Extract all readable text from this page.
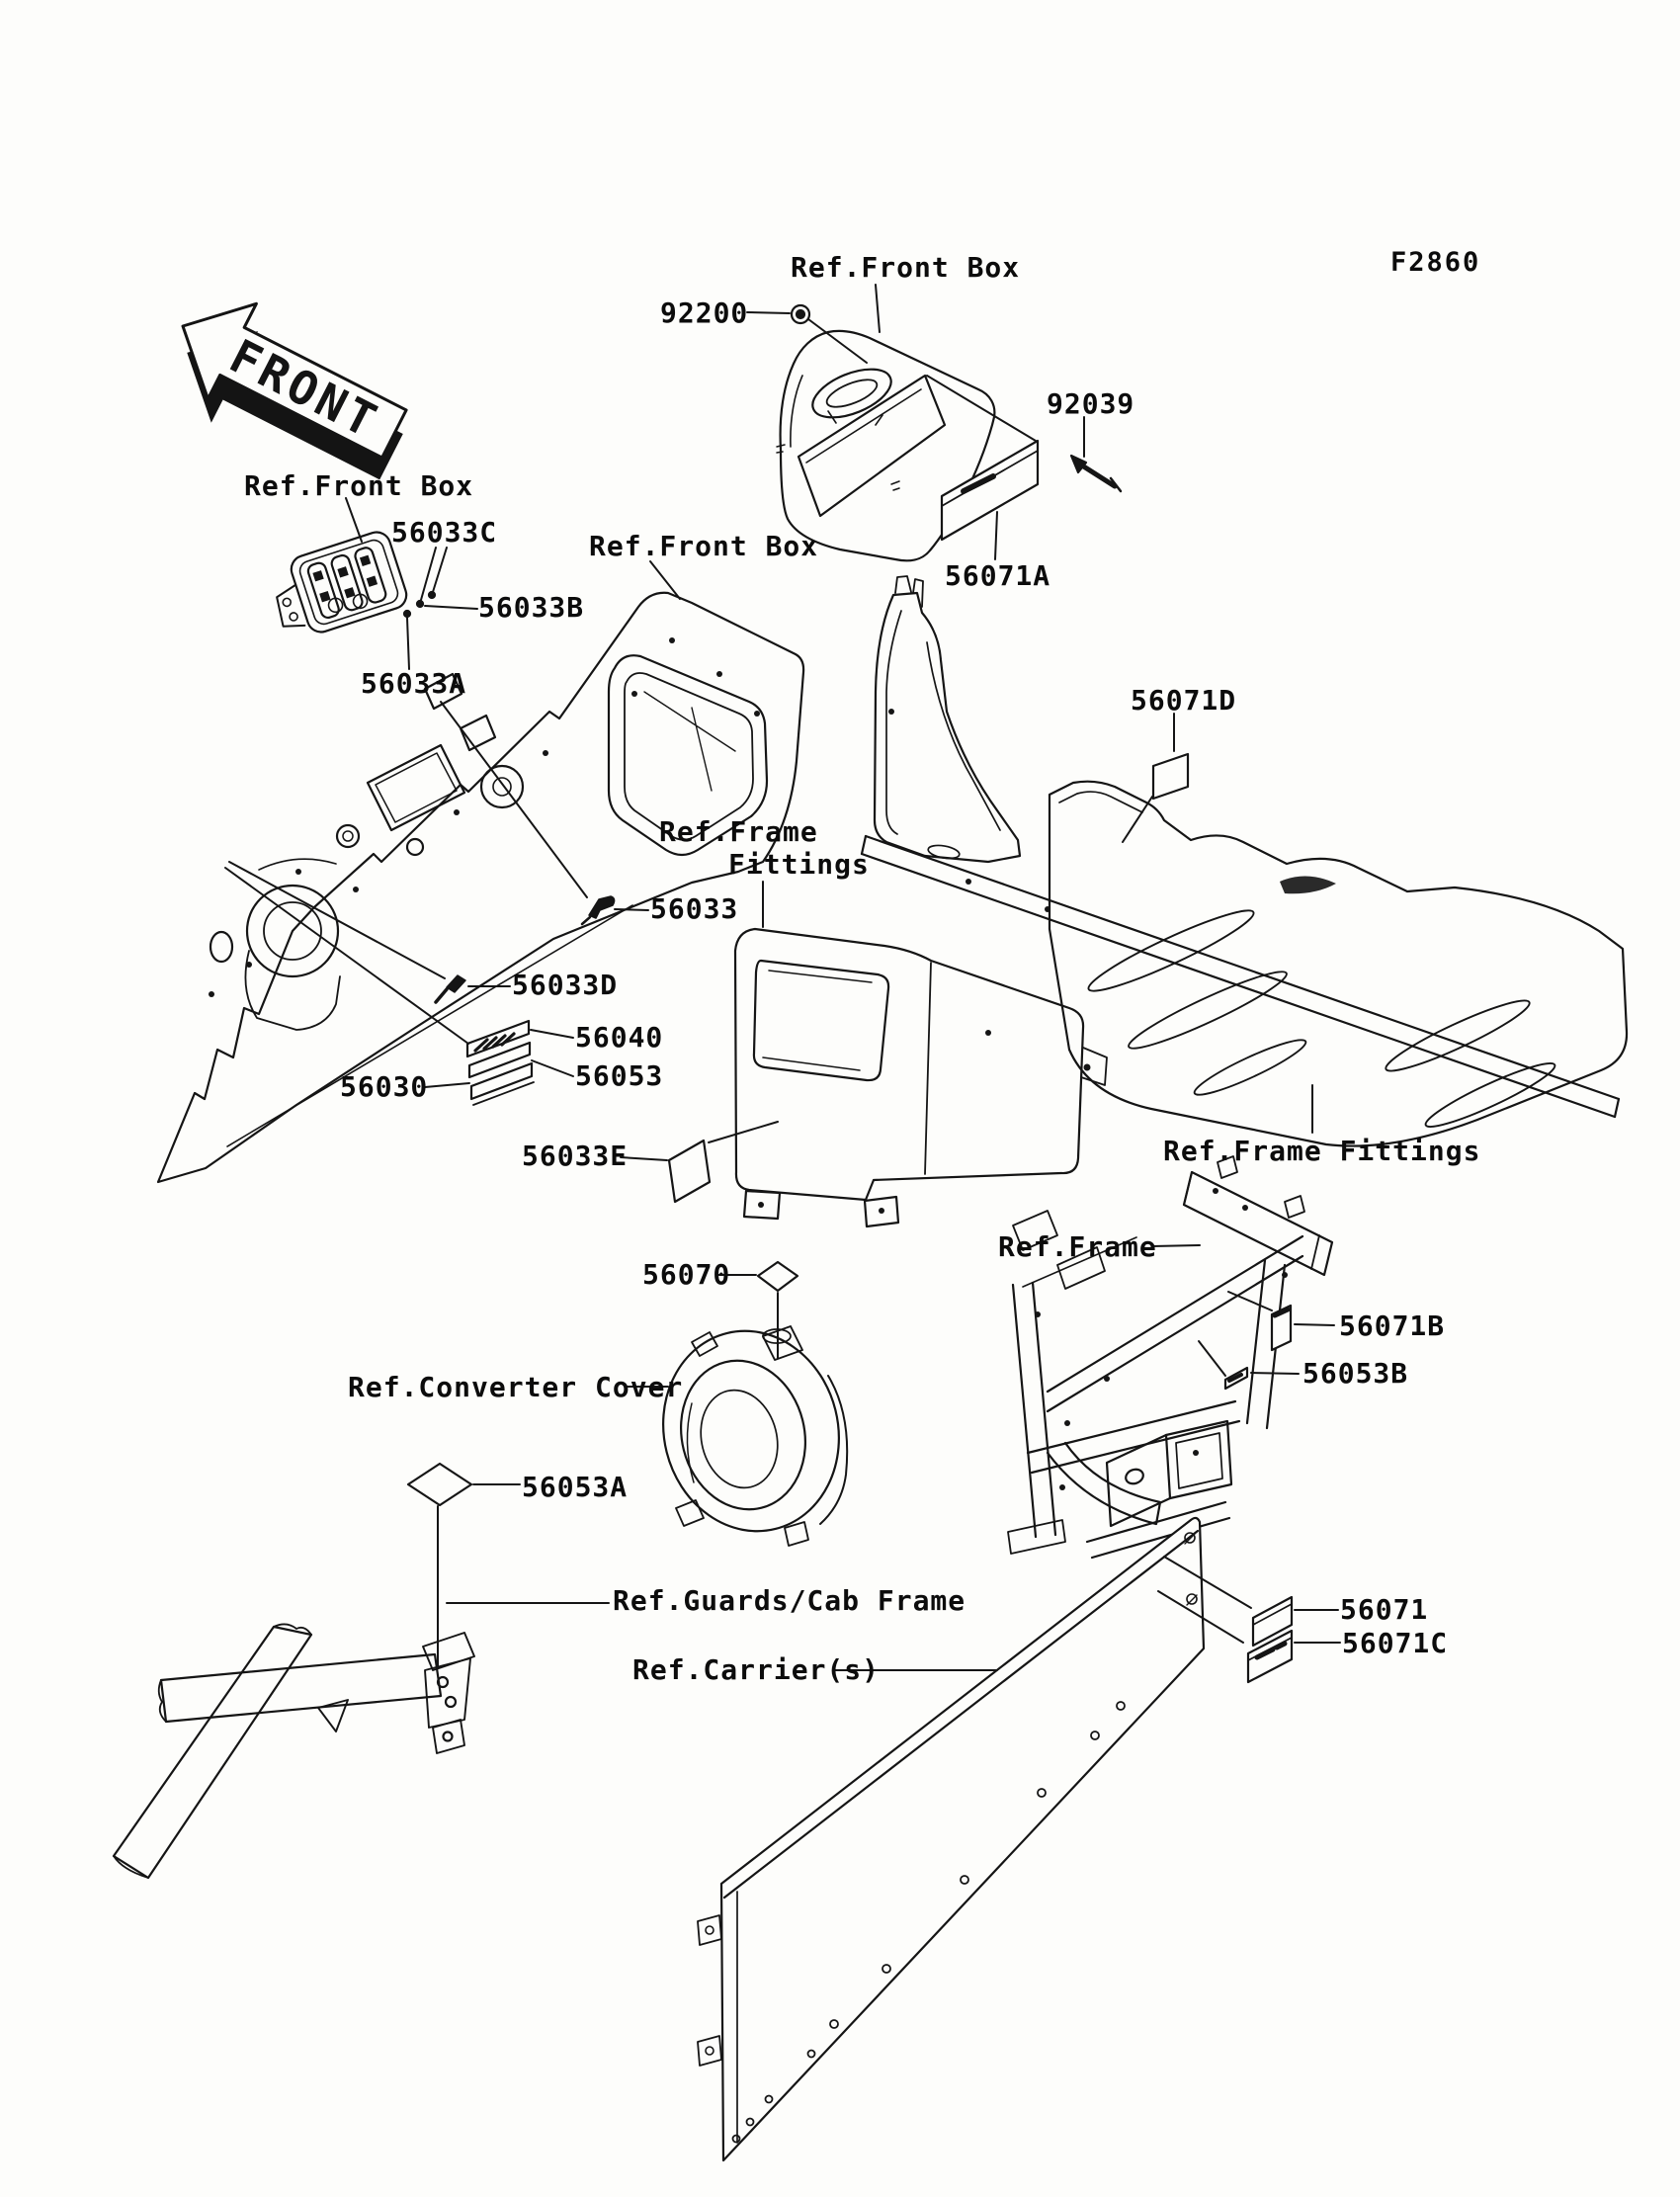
FRONT
F2860
Ref.Front Box
92200
92039
56071A
Ref.Front Box
56033C	Ref.Front Box
56033B
56033A
Ref.Frame
Fittings
56033
56071D
56033D
56040
56053
56030
56033E	Ref.Frame Fittings
Ref.Frame
56071B
56053B
56070
Ref.Converter Cover
56053A
Ref.Guards/Cab Frame
Ref.Carrier(s)
56071
56071C
